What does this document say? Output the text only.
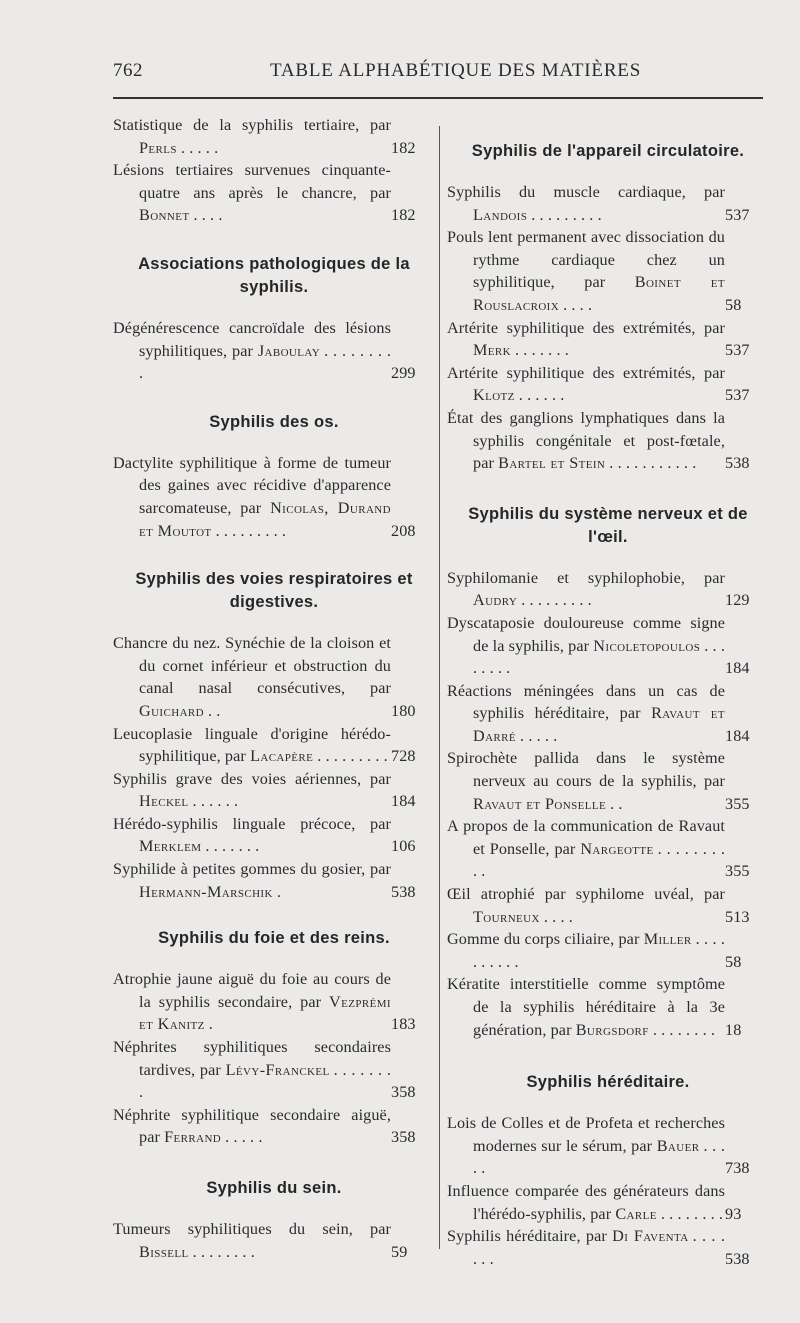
762	TABLE ALPHABÉTIQUE DES MATIÈRES
Statistique de la syphilis tertiaire, par Perls . . . . .	182
Lésions tertiaires survenues cinquante-quatre ans après le chancre, par Bonnet . . . .	182
Associations pathologiques de la syphilis.
Dégénérescence cancroïdale des lésions syphilitiques, par Jaboulay . . . . . . . . .	299
Syphilis des os.
Dactylite syphilitique à forme de tumeur des gaines avec récidive d'apparence sarcomateuse, par Nicolas, Durand et Moutot . . . . . . . . .	208
Syphilis des voies respiratoires et digestives.
Chancre du nez. Synéchie de la cloison et du cornet inférieur et obstruction du canal nasal consécutives, par Guichard . .	180
Leucoplasie linguale d'origine hérédo-syphilitique, par Lacapère . . . . . . . . . 728
Syphilis grave des voies aériennes, par Heckel . . . . . .	184
Hérédo-syphilis linguale précoce, par Merklem . . . . . . .	106
Syphilide à petites gommes du gosier, par Hermann-Marschik .	538
Syphilis du foie et des reins.
Atrophie jaune aiguë du foie au cours de la syphilis secondaire, par Vezprémi et Kanitz .	183
Néphrites syphilitiques secondaires tardives, par Lévy-Franckel . . . . . . . .	358
Néphrite syphilitique secondaire aiguë, par Ferrand . . . . .	358
Syphilis du sein.
Tumeurs syphilitiques du sein, par Bissell . . . . . . . .	59
Syphilis de l'appareil circulatoire.
Syphilis du muscle cardiaque, par Landois . . . . . . . . .	537
Pouls lent permanent avec dissociation du rythme cardiaque chez un syphilitique, par Boinet et Rouslacroix . . . .	58
Artérite syphilitique des extrémités, par Merk . . . . . . .	537
Artérite syphilitique des extrémités, par Klotz . . . . . .	537
État des ganglions lymphatiques dans la syphilis congénitale et post-fœtale, par Bartel et Stein . . . . . . . . . . .	538
Syphilis du système nerveux et de l'œil.
Syphilomanie et syphilophobie, par Audry . . . . . . . . .	129
Dyscataposie douloureuse comme signe de la syphilis, par Nicoletopoulos . . . . . . . .	184
Réactions méningées dans un cas de syphilis héréditaire, par Ravaut et Darré . . . . .	184
Spirochète pallida dans le système nerveux au cours de la syphilis, par Ravaut et Ponselle . .	355
A propos de la communication de Ravaut et Ponselle, par Nargeotte . . . . . . . . . .	355
Œil atrophié par syphilome uvéal, par Tourneux . . . .	513
Gomme du corps ciliaire, par Miller . . . . . . . . . .	58
Kératite interstitielle comme symptôme de la syphilis héréditaire à la 3e génération, par Burgsdorf . . . . . . . . 18
Syphilis héréditaire.
Lois de Colles et de Profeta et recherches modernes sur le sérum, par Bauer . . . . .	738
Influence comparée des générateurs dans l'hérédo-syphilis, par Carle . . . . . . . . 93
Syphilis héréditaire, par Di Faventa . . . . . . .	538
